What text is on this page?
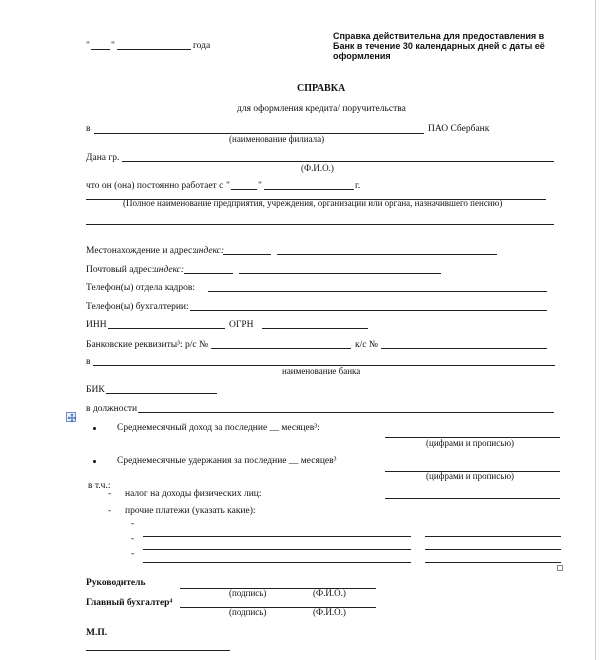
" "	года
Справка действительна для предоставления в Банк в течение 30 календарных дней с даты её оформления
СПРАВКА
для оформления кредита/ поручительства
в	ПАО Сбербанк
(наименование филиала)
Дана гр.
(Ф.И.О.)
что он (она) постоянно работает с "	"	г.
(Полное наименование предприятия, учреждения, организации или органа, назначившего пенсию)
Местонахождение и адрес: индекс:
Почтовый адрес: индекс:
Телефон(ы) отдела кадров:
Телефон(ы) бухгалтерии:
ИНН	ОГРН
Банковские реквизиты³: р/с №	к/с №
в
наименование банка
БИК
в должности
Среднемесячный доход за последние __ месяцев³:
(цифрами и прописью)
Среднемесячные удержания за последние __ месяцев³
(цифрами и прописью)
в т.ч.:
- налог на доходы физических лиц:
- прочие платежи (указать какие):
-
-
-
Руководитель
(подпись)	(Ф.И.О.)
Главный бухгалтер⁴
(подпись)	(Ф.И.О.)
М.П.
